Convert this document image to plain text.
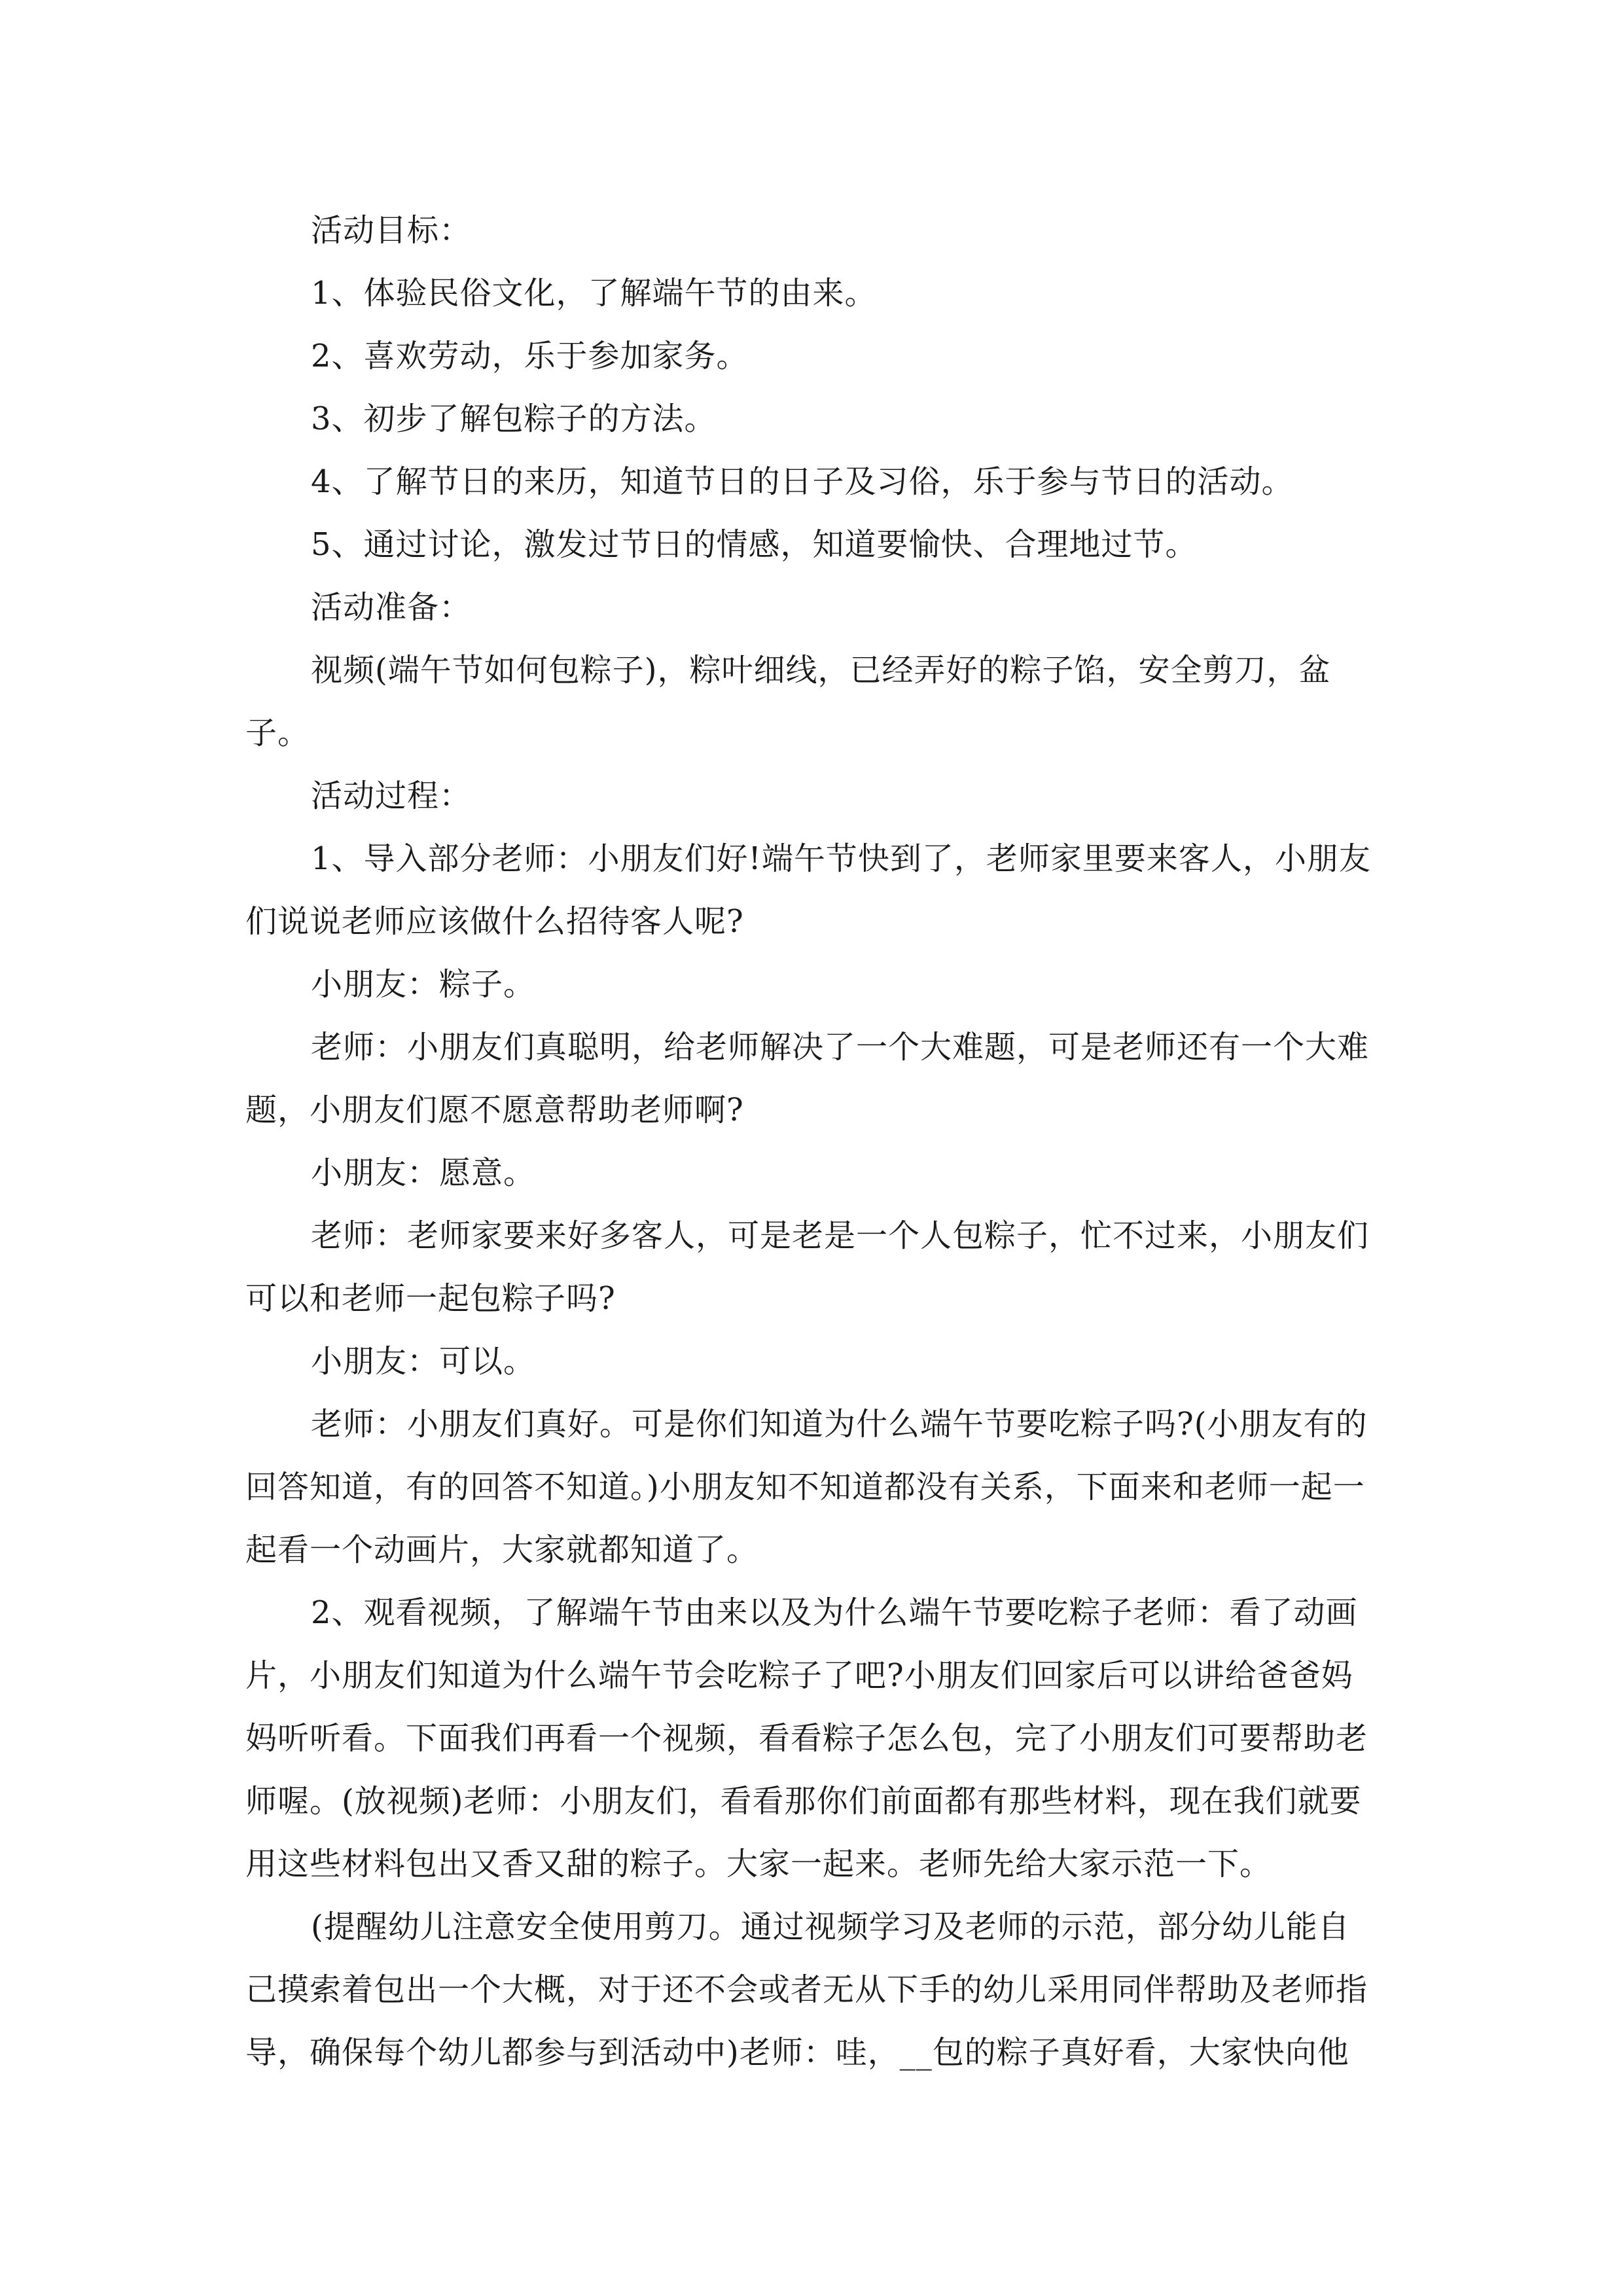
活动目标：

1、体验民俗文化，了解端午节的由来。

2、喜欢劳动，乐于参加家务。

3、初步了解包粽子的方法。

4、了解节日的来历，知道节日的日子及习俗，乐于参与节日的活动。

5、通过讨论，激发过节日的情感，知道要愉快、合理地过节。

活动准备：

视频(端午节如何包粽子)，粽叶细线，已经弄好的粽子馅，安全剪刀，盆子。

活动过程：

1、导入部分老师：小朋友们好!端午节快到了，老师家里要来客人，小朋友们说说老师应该做什么招待客人呢?

小朋友：粽子。

老师：小朋友们真聪明，给老师解决了一个大难题，可是老师还有一个大难题，小朋友们愿不愿意帮助老师啊?

小朋友：愿意。

老师：老师家要来好多客人，可是老是一个人包粽子，忙不过来，小朋友们可以和老师一起包粽子吗?

小朋友：可以。

老师：小朋友们真好。可是你们知道为什么端午节要吃粽子吗?(小朋友有的回答知道，有的回答不知道。)小朋友知不知道都没有关系，下面来和老师一起一起看一个动画片，大家就都知道了。

2、观看视频，了解端午节由来以及为什么端午节要吃粽子老师：看了动画片，小朋友们知道为什么端午节会吃粽子了吧?小朋友们回家后可以讲给爸爸妈妈听听看。下面我们再看一个视频，看看粽子怎么包，完了小朋友们可要帮助老师喔。(放视频)老师：小朋友们，看看那你们前面都有那些材料，现在我们就要用这些材料包出又香又甜的粽子。大家一起来。老师先给大家示范一下。

(提醒幼儿注意安全使用剪刀。通过视频学习及老师的示范，部分幼儿能自己摸索着包出一个大概，对于还不会或者无从下手的幼儿采用同伴帮助及老师指导，确保每个幼儿都参与到活动中)老师：哇，__包的粽子真好看，大家快向他
